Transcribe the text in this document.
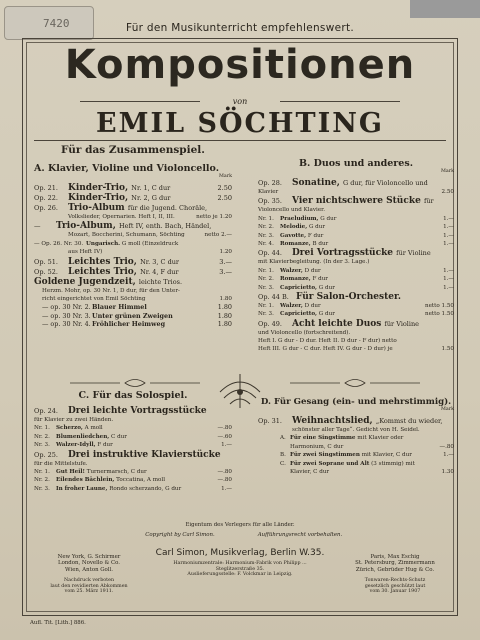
7420	Für den Musikunterricht empfehlenswert.
Kompositionen
von
EMIL SÖCHTING
Für das Zusammenspiel.
A. Klavier, Violine und Violoncello.
Mark
Op. 21. Kinder-Trio, Nr. 1, C dur	2.50
Op. 22. Kinder-Trio, Nr. 2, G dur	2.50
Op. 26. Trio-Album für die Jugend. Choräle,
Volkslieder, Opernarien. Heft I, II, III.	netto je 1.20
— Trio-Album, Heft IV, enth. Bach, Händel,
Mozart, Boccherini, Schumann, Söchting	netto 2.—
— Op. 26. Nr. 30. Ungarisch. G moll (Einzeldruck
aus Heft IV)	1.20
Op. 51. Leichtes Trio, Nr. 3, C dur	3.—
Op. 52. Leichtes Trio, Nr. 4, F dur	3.—
Goldene Jugendzeit, leichte Trios.
Herzm. Mohr, op. 30 Nr. 1, D dur, für den Unter-
richt eingerichtet von Emil Söchting	1.80
— op. 30 Nr. 2. Blauer Himmel	1.80
— op. 30 Nr. 3. Unter grünen Zweigen	1.80
— op. 30 Nr. 4. Fröhlicher Heimweg	1.80
B. Duos und anderes.
Mark
Op. 28. Sonatine, G dur, für Violoncello und
Klavier	2.50
Op. 35. Vier nichtschwere Stücke für
Violoncello und Klavier.
Nr. 1. Praeludium, G dur	1.—
Nr. 2. Melodie, G dur	1.—
Nr. 3. Gavotte, F dur	1.—
Nr. 4. Romanze, B dur	1.—
Op. 44. Drei Vortragsstücke für Violine
mit Klavierbegleitung. (In der 3. Lage.)
Nr. 1. Walzer, D dur	1.—
Nr. 2. Romanze, F dur	1.—
Nr. 3. Capricietto, G dur	1.—
Op. 44 B. Für Salon-Orchester.
Nr. 1. Walzer, D dur	netto 1.50
Nr. 3. Capricietto, G dur	netto 1.50
Op. 49. Acht leichte Duos für Violine
und Violoncello (fortschreitend).
Heft I. G dur - D dur. Heft II. D dur - F dur) netto
Heft III. G dur - C dur. Heft IV. G dur - D dur) je	1.50
C. Für das Solospiel.
Op. 24. Drei leichte Vortragsstücke
für Klavier zu zwei Händen.
Nr. 1. Scherzo, A moll	—.80
Nr. 2. Blumenliedchen, C dur	—.60
Nr. 3. Walzer-Idyll, F dur	1.—
Op. 25. Drei instruktive Klavierstücke
für die Mittelstufe.
Nr. 1. Gut Heil! Turnermarsch, C dur	—.80
Nr. 2. Eilendes Bächlein, Toccatina, A moll	—.80
Nr. 3. In froher Laune, Rondo scherzando, G dur	1.—
D. Für Gesang (ein- und mehrstimmig).
Mark
Op. 31. Weihnachtslied, „Kommst du wieder,
schönster aller Tage“. Gedicht von H. Seidel.
A. Für eine Singstimme mit Klavier oder
Harmonium, C dur	—.80
B. Für zwei Singstimmen mit Klavier, C dur	1.—
C. Für zwei Soprane und Alt (3 stimmig) mit
Klavier, C dur	1.30
Eigentum des Verlegers für alle Länder.
Copyright by Carl Simon.	Aufführungsrecht vorbehalten.
New York, G. Schirmer
London, Novello & Co.
Wien, Anton Goll.
Nachdruck verboten
laut den revidierten Abkommen
vom 25. März 1911.
Carl Simon, Musikverlag, Berlin W.35.
Harmoniumzentrale: Harmonium-Fabrik von Philipp ...
Steglitzerstraße 35.
Auslieferungsstelle: F. Volckmar in Leipzig.
Paris, Max Eschig
St. Petersburg, Zimmermann
Zürich, Gebrüder Hug & Co.
Tonwaren-Rechts-Schutz
gesetzlich geschützt laut
vom 30. Januar 1907
Aufl. Tit. [Lith.] 886.
